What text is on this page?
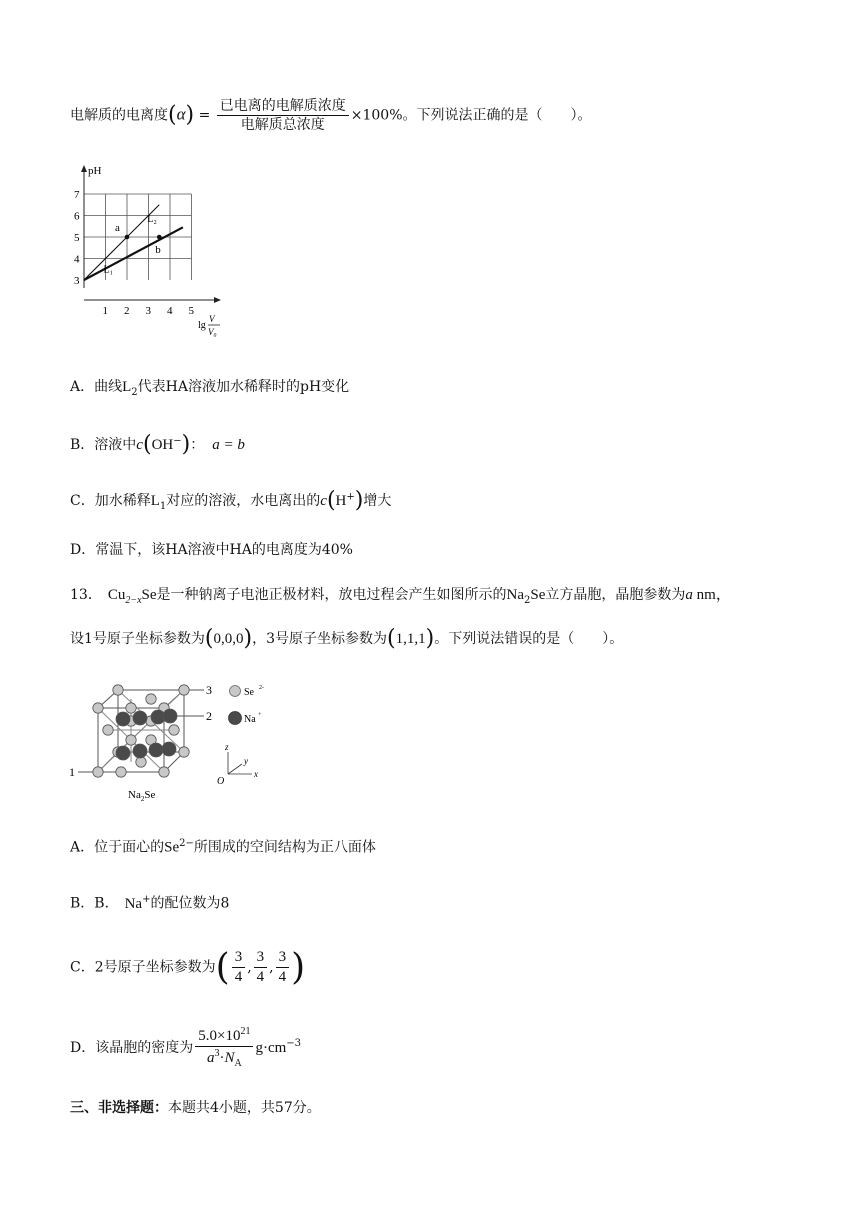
电解质的电离度$(\alpha) = \frac{\text{已电离的电解质浓度}}{\text{电解质总浓度}} \times 100\%$。下列说法正确的是（　　）。
3
4
5
6
7
1 2 3 4 5
pH
lg
V
V₀
L₂
L₁
a
b
A．曲线$L_2$代表HA溶液加水稀释时的pH变化
B．溶液中c(OH−)： a = b
C．加水稀释$L_1$对应的溶液，水电离出的c(H+)增大
D．常温下，该HA溶液中HA的电离度为40%
13． $Cu_{2-x}Se$是一种钠离子电池正极材料，放电过程会产生如图所示的$Na_2Se$立方晶胞，晶胞参数为a nm，
设1号原子坐标参数为(0,0,0)，3号原子坐标参数为(1,1,1)。下列说法错误的是（　　）。
3
2
1
Se 2-
Na +
z
y
x
O
$Na_2Se$
A．位于面心的$Se^{2-}$所围成的空间结构为正八面体
B．B． Na+的配位数为8
C．2号原子坐标参数为( $\frac{3}{4}$ , $\frac{3}{4}$ , $\frac{3}{4}$ )
D．该晶胞的密度为 $\frac{5.0\times 10^{21}}{a^3\cdot N_A} g\cdot cm^{-3}$
三、非选择题：本题共4小题，共57分。
